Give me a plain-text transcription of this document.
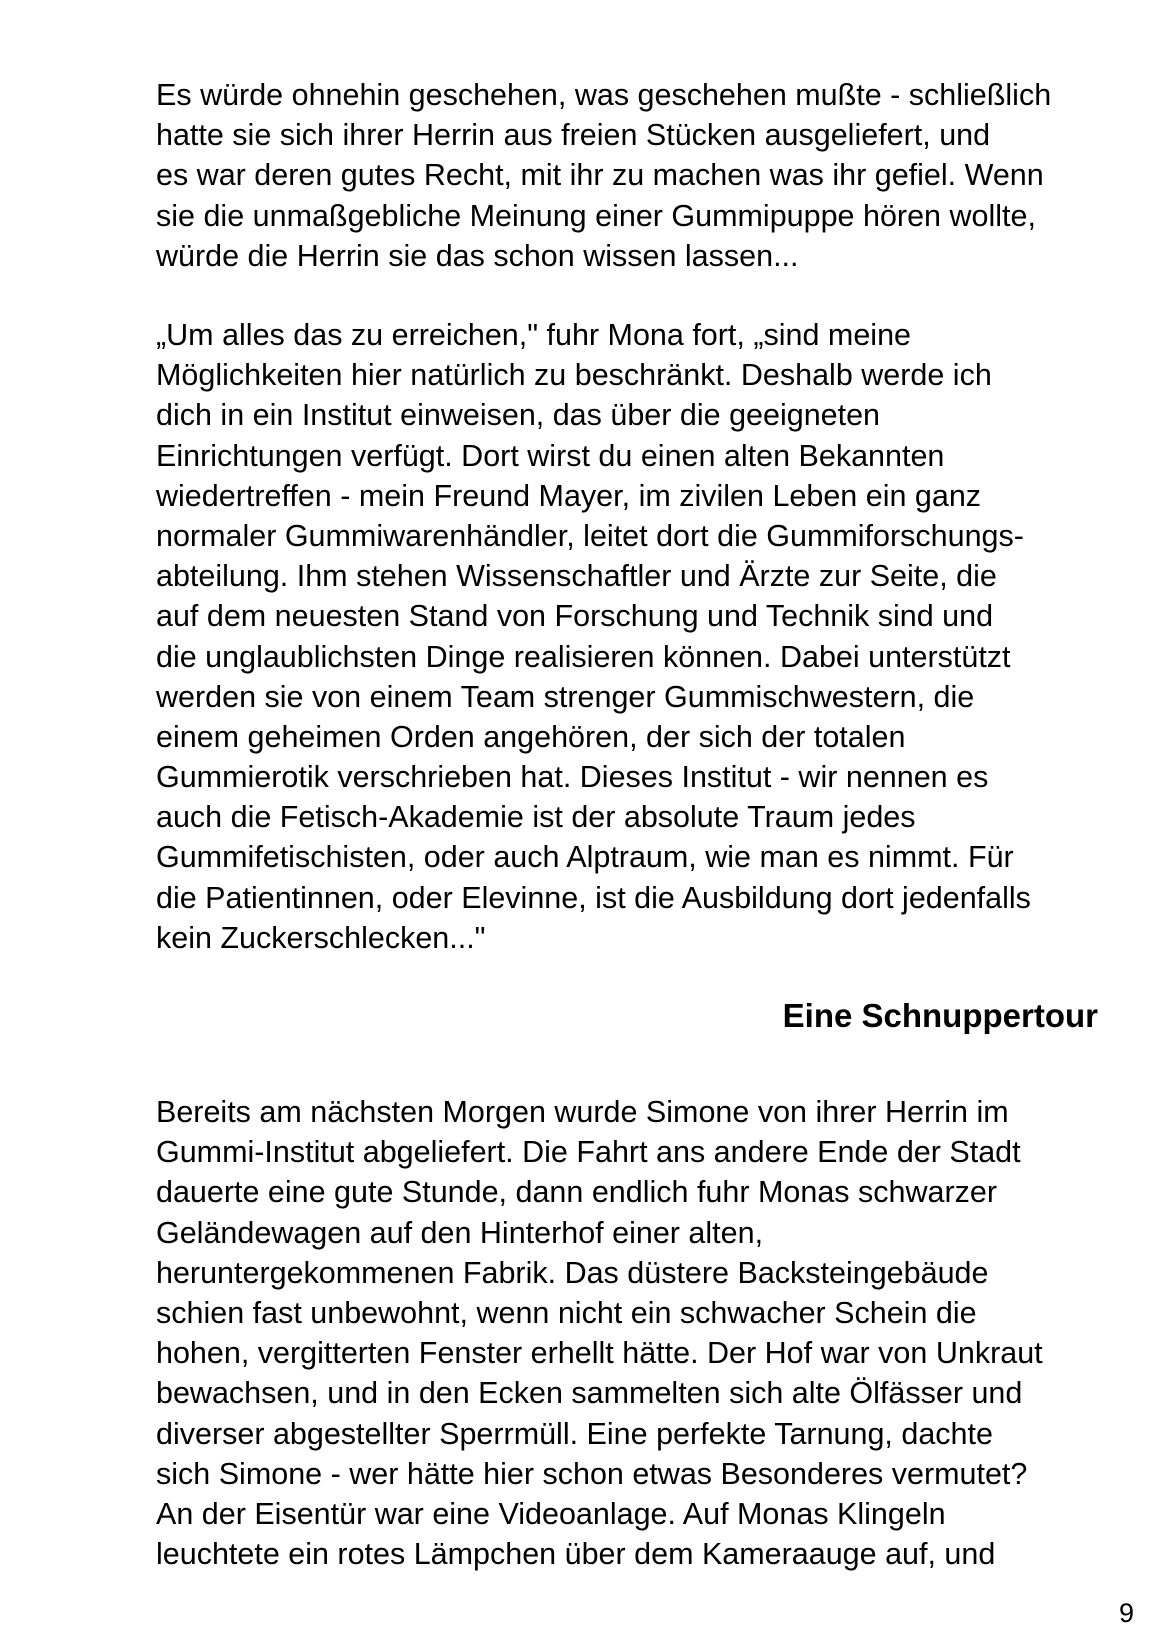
Es würde ohnehin geschehen, was geschehen mußte - schließlich
hatte sie sich ihrer Herrin aus freien Stücken ausgeliefert, und
es war deren gutes Recht, mit ihr zu machen was ihr gefiel. Wenn
sie die unmaßgebliche Meinung einer Gummipuppe hören wollte,
würde die Herrin sie das schon wissen lassen...
„Um alles das zu erreichen," fuhr Mona fort, „sind meine
Möglichkeiten hier natürlich zu beschränkt. Deshalb werde ich
dich in ein Institut einweisen, das über die geeigneten
Einrichtungen verfügt. Dort wirst du einen alten Bekannten
wiedertreffen - mein Freund Mayer, im zivilen Leben ein ganz
normaler Gummiwarenhändler, leitet dort die Gummiforschungs-
abteilung. Ihm stehen Wissenschaftler und Ärzte zur Seite, die
auf dem neuesten Stand von Forschung und Technik sind und
die unglaublichsten Dinge realisieren können. Dabei unterstützt
werden sie von einem Team strenger Gummischwestern, die
einem geheimen Orden angehören, der sich der totalen
Gummierotik verschrieben hat. Dieses Institut - wir nennen es
auch die Fetisch-Akademie ist der absolute Traum jedes
Gummifetischisten, oder auch Alptraum, wie man es nimmt. Für
die Patientinnen, oder Elevinne, ist die Ausbildung dort jedenfalls
kein Zuckerschlecken..."
Eine Schnuppertour
Bereits am nächsten Morgen wurde Simone von ihrer Herrin im
Gummi-Institut abgeliefert. Die Fahrt ans andere Ende der Stadt
dauerte eine gute Stunde, dann endlich fuhr Monas schwarzer
Geländewagen auf den Hinterhof einer alten,
heruntergekommenen Fabrik. Das düstere Backsteingebäude
schien fast unbewohnt, wenn nicht ein schwacher Schein die
hohen, vergitterten Fenster erhellt hätte. Der Hof war von Unkraut
bewachsen, und in den Ecken sammelten sich alte Ölfässer und
diverser abgestellter Sperrmüll. Eine perfekte Tarnung, dachte
sich Simone - wer hätte hier schon etwas Besonderes vermutet?
An der Eisentür war eine Videoanlage. Auf Monas Klingeln
leuchtete ein rotes Lämpchen über dem Kameraauge auf, und
9
